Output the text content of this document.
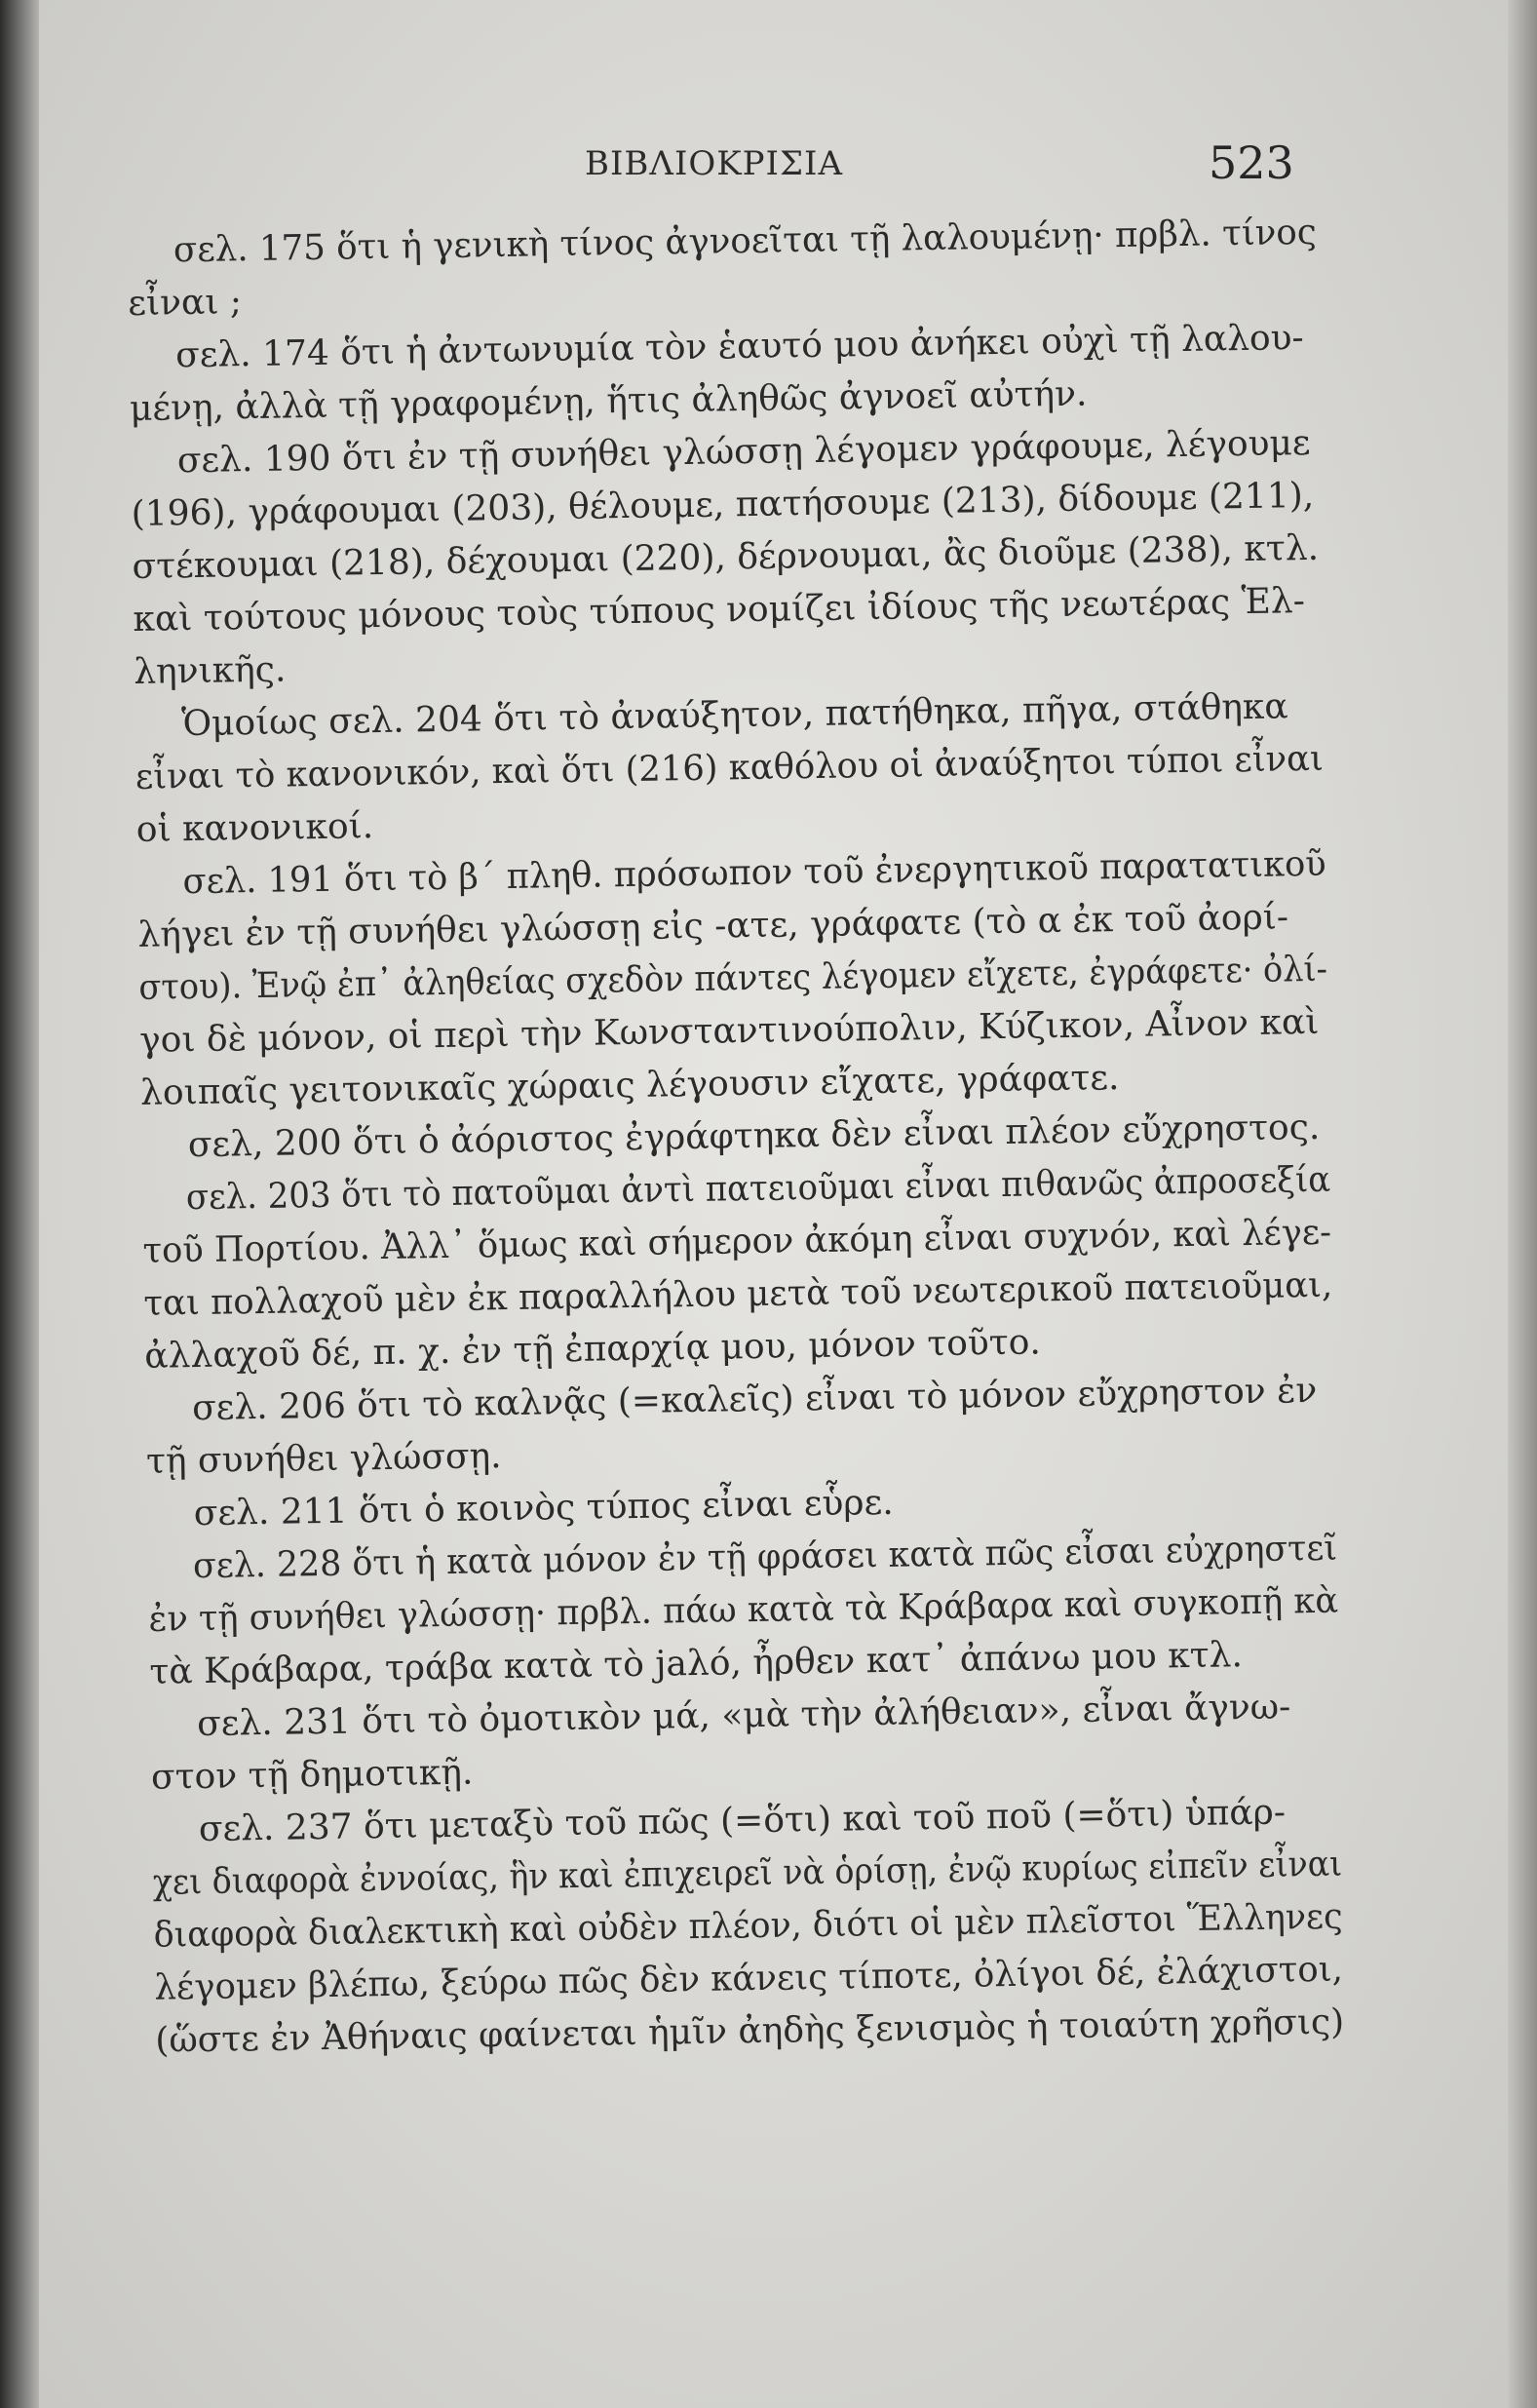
ΒΙΒΛΙΟΚΡΙΣΙΑ	523
σελ. 175 ὅτι ἡ γενικὴ τίνος ἀγνοεῖται τῇ λαλουμένῃ· πρβλ. τίνος
εἶναι ;
σελ. 174 ὅτι ἡ ἀντωνυμία τὸν ἑαυτό μου ἀνήκει οὐχὶ τῇ λαλου-
μένῃ, ἀλλὰ τῇ γραφομένῃ, ἥτις ἀληθῶς ἀγνοεῖ αὐτήν.
σελ. 190 ὅτι ἐν τῇ συνήθει γλώσσῃ λέγομεν γράφουμε, λέγουμε
(196), γράφουμαι (203), θέλουμε, πατήσουμε (213), δίδουμε (211),
στέκουμαι (218), δέχουμαι (220), δέρνουμαι, ἂς διοῦμε (238), κτλ.
καὶ τούτους μόνους τοὺς τύπους νομίζει ἰδίους τῆς νεωτέρας Ἑλ-
ληνικῆς.
Ὁμοίως σελ. 204 ὅτι τὸ ἀναύξητον, πατήθηκα, πῆγα, στάθηκα
εἶναι τὸ κανονικόν, καὶ ὅτι (216) καθόλου οἱ ἀναύξητοι τύποι εἶναι
οἱ κανονικοί.
σελ. 191 ὅτι τὸ β΄ πληθ. πρόσωπον τοῦ ἐνεργητικοῦ παρατατικοῦ
λήγει ἐν τῇ συνήθει γλώσσῃ εἰς -ατε, γράφατε (τὸ α ἐκ τοῦ ἀορί-
στου). Ἐνῷ ἐπ᾽ ἀληθείας σχεδὸν πάντες λέγομεν εἴχετε, ἐγράφετε· ὀλί-
γοι δὲ μόνον, οἱ περὶ τὴν Κωνσταντινούπολιν, Κύζικον, Αἶνον καὶ
λοιπαῖς γειτονικαῖς χώραις λέγουσιν εἴχατε, γράφατε.
σελ, 200 ὅτι ὁ ἀόριστος ἐγράφτηκα δὲν εἶναι πλέον εὔχρηστος.
σελ. 203 ὅτι τὸ πατοῦμαι ἀντὶ πατειοῦμαι εἶναι πιθανῶς ἀπροσεξία
τοῦ Πορτίου. Ἀλλ᾽ ὅμως καὶ σήμερον ἀκόμη εἶναι συχνόν, καὶ λέγε-
ται πολλαχοῦ μὲν ἐκ παραλλήλου μετὰ τοῦ νεωτερικοῦ πατειοῦμαι,
ἀλλαχοῦ δέ, π. χ. ἐν τῇ ἐπαρχίᾳ μου, μόνον τοῦτο.
σελ. 206 ὅτι τὸ καλνᾷς (=καλεῖς) εἶναι τὸ μόνον εὔχρηστον ἐν
τῇ συνήθει γλώσσῃ.
σελ. 211 ὅτι ὁ κοινὸς τύπος εἶναι εὗρε.
σελ. 228 ὅτι ἡ κατὰ μόνον ἐν τῇ φράσει κατὰ πῶς εἶσαι εὐχρηστεῖ
ἐν τῇ συνήθει γλώσσῃ· πρβλ. πάω κατὰ τὰ Κράβαρα καὶ συγκοπῇ κὰ
τὰ Κράβαρα, τράβα κατὰ τὸ jaλό, ἦρθεν κατ᾽ ἀπάνω μου κτλ.
σελ. 231 ὅτι τὸ ὀμοτικὸν μά, «μὰ τὴν ἀλήθειαν», εἶναι ἄγνω-
στον τῇ δημοτικῇ.
σελ. 237 ὅτι μεταξὺ τοῦ πῶς (=ὅτι) καὶ τοῦ ποῦ (=ὅτι) ὑπάρ-
χει διαφορὰ ἐννοίας, ἣν καὶ ἐπιχειρεῖ νὰ ὁρίσῃ, ἐνῷ κυρίως εἰπεῖν εἶναι
διαφορὰ διαλεκτικὴ καὶ οὐδὲν πλέον, διότι οἱ μὲν πλεῖστοι Ἕλληνες
λέγομεν βλέπω, ξεύρω πῶς δὲν κάνεις τίποτε, ὀλίγοι δέ, ἐλάχιστοι,
(ὥστε ἐν Ἀθήναις φαίνεται ἡμῖν ἀηδὴς ξενισμὸς ἡ τοιαύτη χρῆσις)
